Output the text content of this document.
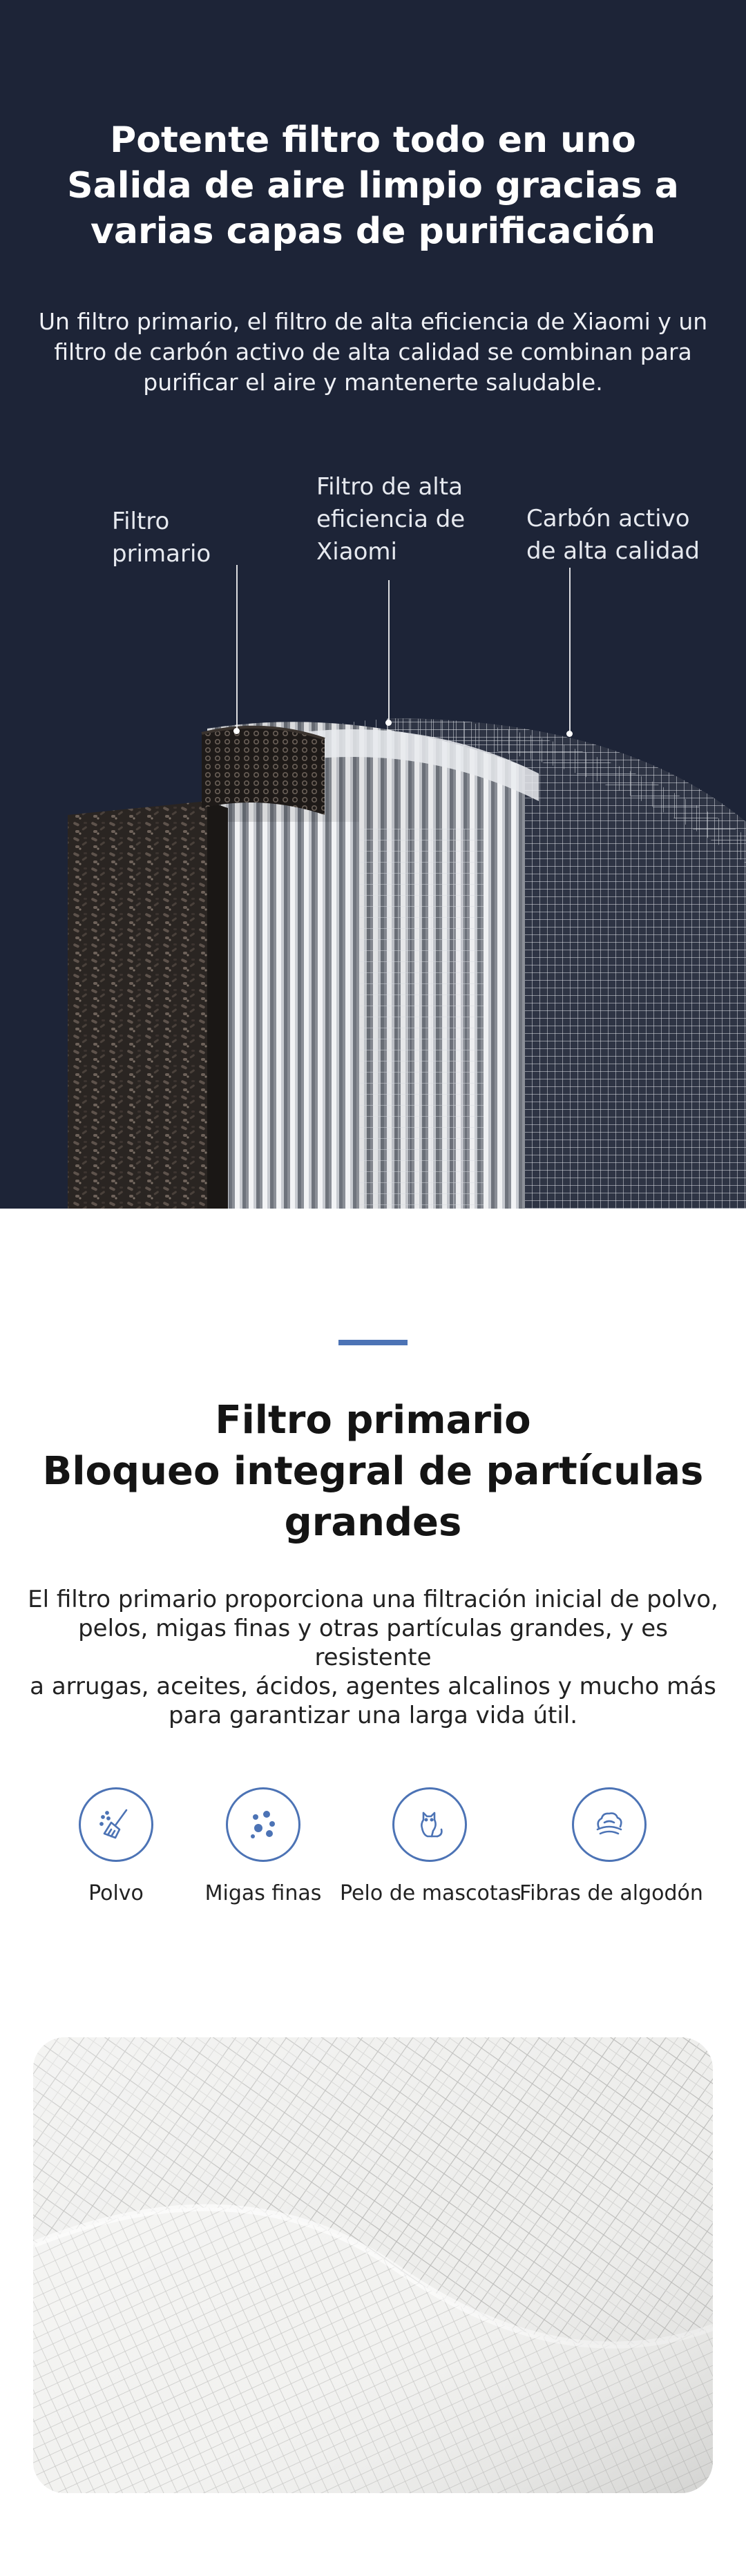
Potente filtro todo en uno
Salida de aire limpio gracias a
varias capas de purificación
Un filtro primario, el filtro de alta eficiencia de Xiaomi y un
filtro de carbón activo de alta calidad se combinan para
purificar el aire y mantenerte saludable.
Filtro
primario
Filtro de alta
eficiencia de
Xiaomi
Carbón activo
de alta calidad
Filtro primario
Bloqueo integral de partículas
grandes
El filtro primario proporciona una filtración inicial de polvo,
pelos, migas finas y otras partículas grandes, y es resistente
a arrugas, aceites, ácidos, agentes alcalinos y mucho más
para garantizar una larga vida útil.
Polvo	Migas finas Pelo de mascotas
Fibras de algodón
